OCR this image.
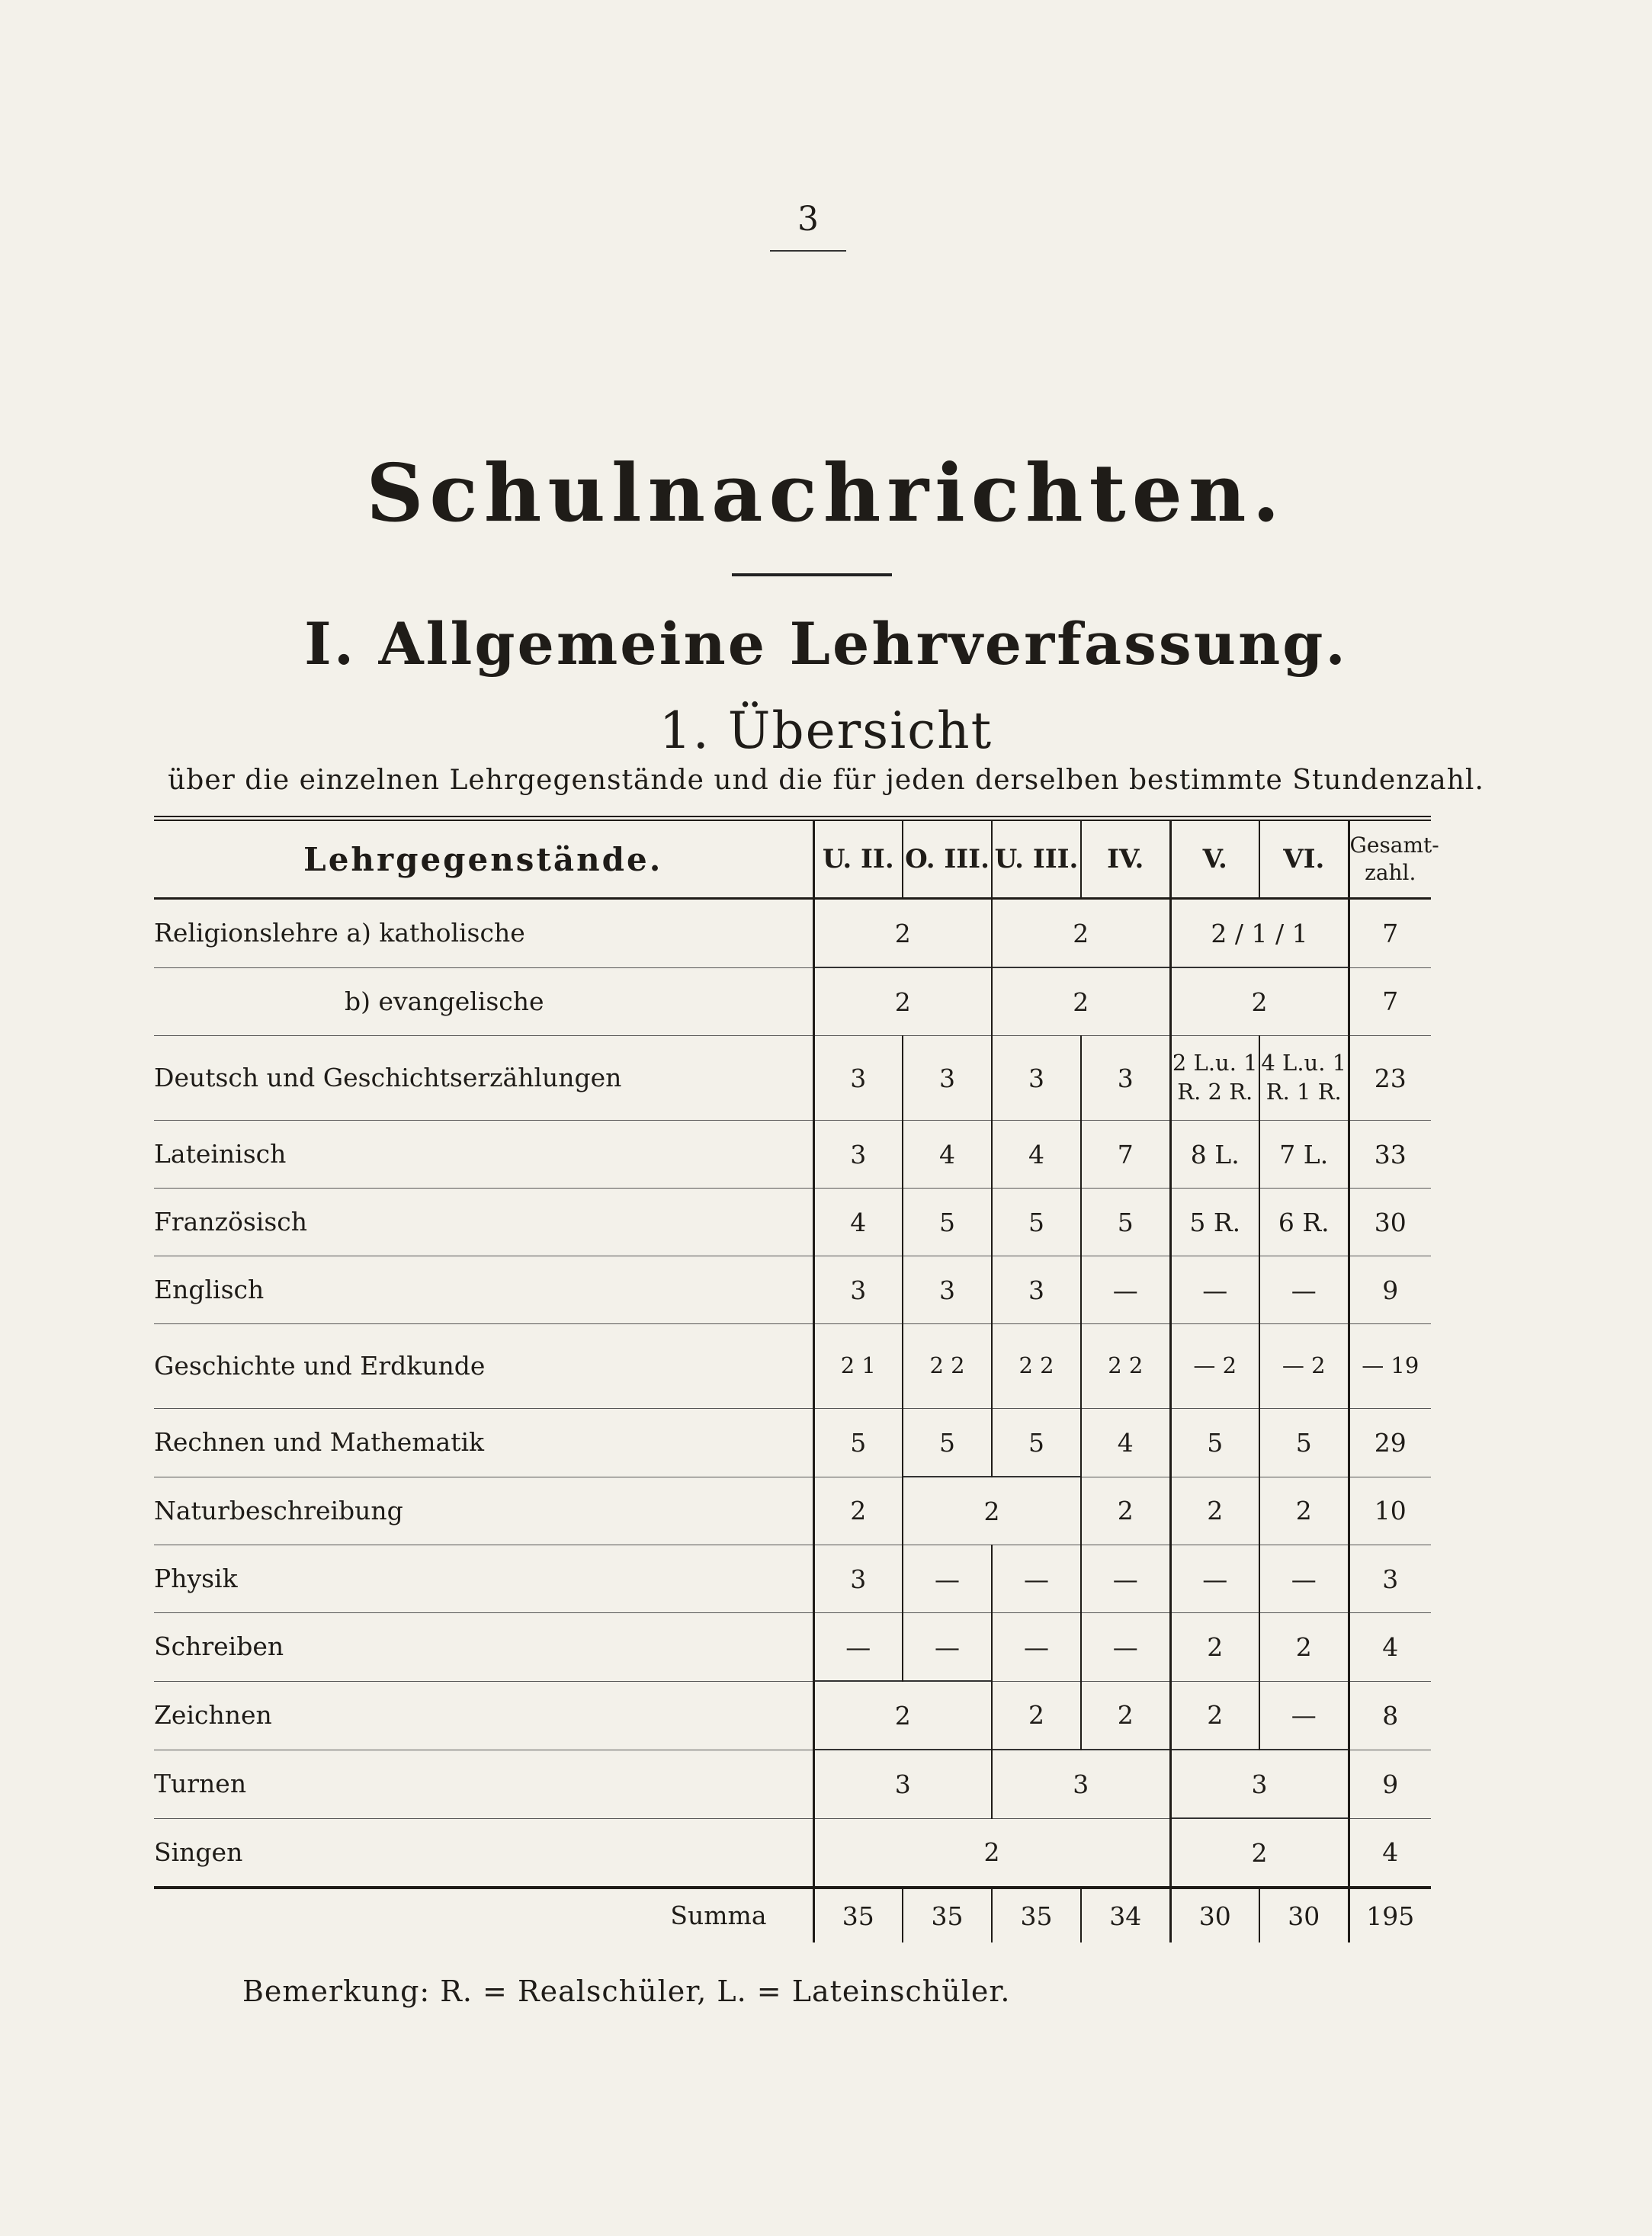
3
Schulnachrichten.
I. Allgemeine Lehrverfassung.
1. Übersicht
über die einzelnen Lehrgegenstände und die für jeden derselben bestimmte Stundenzahl.
Lehrgegenstände.	U. II.	O. III.	U. III.	IV.	V.	VI.	Gesamt- zahl.
Religionslehre a) katholische	2		2		2 / 1 / 1		7
b) evangelische	2		2		2		7
Deutsch und Geschichtserzählungen	3	3	3	3	2 L.u. 1 R. 2 R.	4 L.u. 1 R. 1 R.	23
Lateinisch	3	4	4	7	8 L.	7 L.	33
Französisch	4	5	5	5	5 R.	6 R.	30
Englisch	3	3	3	—	—	—	9
Geschichte und Erdkunde	2 1	2 2	2 2	2 2	— 2	— 2	— 19
Rechnen und Mathematik	5	5	5	4	5	5	29
Naturbeschreibung	2	2		2	2	2	10
Physik	3	—	—	—	—	—	3
Schreiben	—	—	—	—	2	2	4
Zeichnen	2		2	2	2	—	8
Turnen	3		3		3		9
Singen	2				2		4
Summa	35	35	35	34	30	30	195
Bemerkung: R. = Realschüler, L. = Lateinschüler.
